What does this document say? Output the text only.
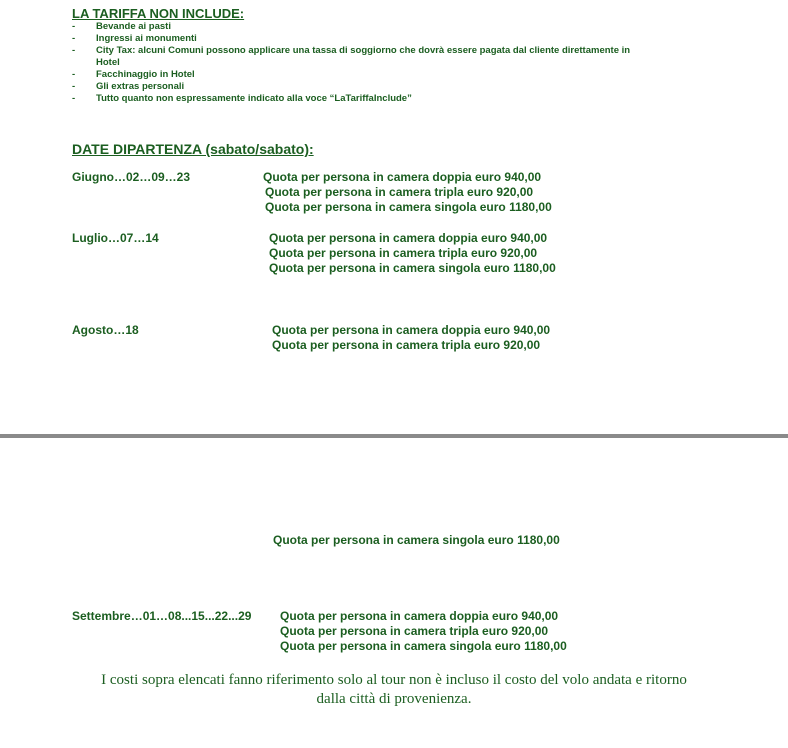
LA TARIFFA NON INCLUDE:
- Bevande ai pasti
- Ingressi ai monumenti
- City Tax: alcuni Comuni possono applicare una tassa di soggiorno che dovrà essere pagata dal cliente direttamente in
Hotel
- Facchinaggio in Hotel
- Gli extras personali
- Tutto quanto non espressamente indicato alla voce “LaTariffaInclude”
DATE DIPARTENZA (sabato/sabato):
Giugno…02…09…23	Quota per persona in camera doppia euro 940,00
Quota per persona in camera tripla euro 920,00
Quota per persona in camera singola euro 1180,00
Luglio…07…14	Quota per persona in camera doppia euro 940,00
Quota per persona in camera tripla euro 920,00
Quota per persona in camera singola euro 1180,00
Agosto…18	Quota per persona in camera doppia euro 940,00
Quota per persona in camera tripla euro 920,00
Quota per persona in camera singola euro 1180,00
Settembre…01…08...15...22...29 Quota per persona in camera doppia euro 940,00
Quota per persona in camera tripla euro 920,00
Quota per persona in camera singola euro 1180,00
I costi sopra elencati fanno riferimento solo al tour non è incluso il costo del volo andata e ritorno
dalla città di provenienza.
